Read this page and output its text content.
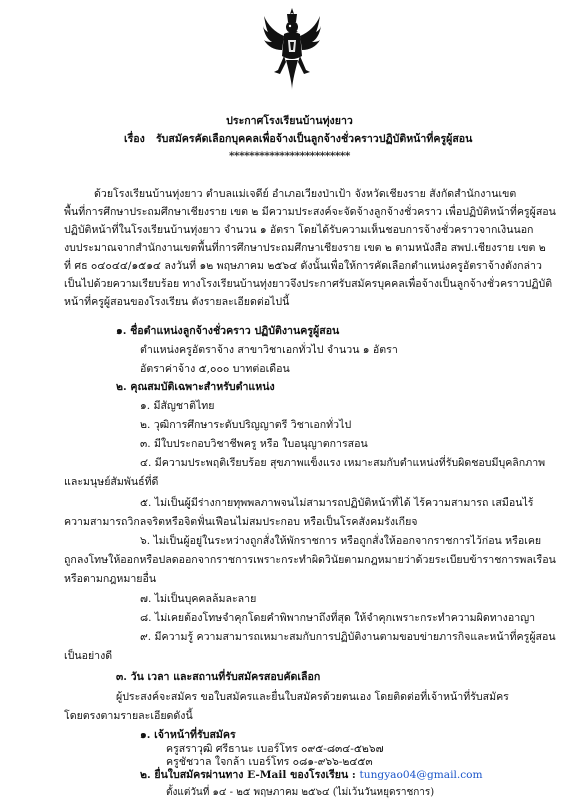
ประกาศโรงเรียนบ้านทุ่งยาว
เรื่อง รับสมัครคัดเลือกบุคคลเพื่อจ้างเป็นลูกจ้างชั่วคราวปฏิบัติหน้าที่ครูผู้สอน
************************
ด้วยโรงเรียนบ้านทุ่งยาว ตำบลแม่เจดีย์ อำเภอเวียงป่าเป้า จังหวัดเชียงราย สังกัดสำนักงานเขต
พื้นที่การศึกษาประถมศึกษาเชียงราย เขต ๒ มีความประสงค์จะจัดจ้างลูกจ้างชั่วคราว เพื่อปฏิบัติหน้าที่ครูผู้สอน
ปฏิบัติหน้าที่ในโรงเรียนบ้านทุ่งยาว จำนวน ๑ อัตรา โดยได้รับความเห็นชอบการจ้างชั่วคราวจากเงินนอก
งบประมาณจากสำนักงานเขตพื้นที่การศึกษาประถมศึกษาเชียงราย เขต ๒ ตามหนังสือ สพป.เชียงราย เขต ๒
ที่ ศธ ๐๔๐๔๔/๑๕๑๔ ลงวันที่ ๑๒ พฤษภาคม ๒๕๖๔ ดังนั้นเพื่อให้การคัดเลือกตำแหน่งครูอัตราจ้างดังกล่าว
เป็นไปด้วยความเรียบร้อย ทางโรงเรียนบ้านทุ่งยาวจึงประกาศรับสมัครบุคคลเพื่อจ้างเป็นลูกจ้างชั่วคราวปฏิบัติ
หน้าที่ครูผู้สอนของโรงเรียน ดังรายละเอียดต่อไปนี้
๑. ชื่อตำแหน่งลูกจ้างชั่วคราว ปฏิบัติงานครูผู้สอน
ตำแหน่งครูอัตราจ้าง สาขาวิชาเอกทั่วไป จำนวน ๑ อัตรา
อัตราค่าจ้าง ๕,๐๐๐ บาทต่อเดือน
๒. คุณสมบัติเฉพาะสำหรับตำแหน่ง
๑. มีสัญชาติไทย
๒. วุฒิการศึกษาระดับปริญญาตรี วิชาเอกทั่วไป
๓. มีใบประกอบวิชาชีพครู หรือ ใบอนุญาตการสอน
๔. มีความประพฤติเรียบร้อย สุขภาพแข็งแรง เหมาะสมกับตำแหน่งที่รับผิดชอบมีบุคลิกภาพ
และมนุษย์สัมพันธ์ที่ดี
๕. ไม่เป็นผู้มีร่างกายทุพพลภาพจนไม่สามารถปฏิบัติหน้าที่ได้ ไร้ความสามารถ เสมือนไร้
ความสามารถวิกลจริตหรือจิตฟั่นเฟือนไม่สมประกอบ หรือเป็นโรคสังคมรังเกียจ
๖. ไม่เป็นผู้อยู่ในระหว่างถูกสั่งให้พักราชการ หรือถูกสั่งให้ออกจากราชการไว้ก่อน หรือเคย
ถูกลงโทษให้ออกหรือปลดออกจากราชการเพราะกระทำผิดวินัยตามกฎหมายว่าด้วยระเบียบข้าราชการพลเรือน
หรือตามกฎหมายอื่น
๗. ไม่เป็นบุคคลล้มละลาย
๘. ไม่เคยต้องโทษจำคุกโดยคำพิพากษาถึงที่สุด ให้จำคุกเพราะกระทำความผิดทางอาญา
๙. มีความรู้ ความสามารถเหมาะสมกับการปฏิบัติงานตามขอบข่ายภารกิจและหน้าที่ครูผู้สอน
เป็นอย่างดี
๓. วัน เวลา และสถานที่รับสมัครสอบคัดเลือก
ผู้ประสงค์จะสมัคร ขอใบสมัครและยื่นใบสมัครด้วยตนเอง โดยติดต่อที่เจ้าหน้าที่รับสมัคร
โดยตรงตามรายละเอียดดังนี้
๑. เจ้าหน้าที่รับสมัคร
ครูสราวุฒิ ศรีธานะ เบอร์โทร ๐๙๕-๘๓๔-๕๒๖๗
ครูชัชวาล ใจกล้า เบอร์โทร ๐๘๑-๙๖๖-๒๔๕๓
๒. ยื่นใบสมัครผ่านทาง E-Mail ของโรงเรียน : tungyao04@gmail.com
ตั้งแต่วันที่ ๑๔ - ๒๕ พฤษภาคม ๒๕๖๔ (ไม่เว้นวันหยุดราชการ)
